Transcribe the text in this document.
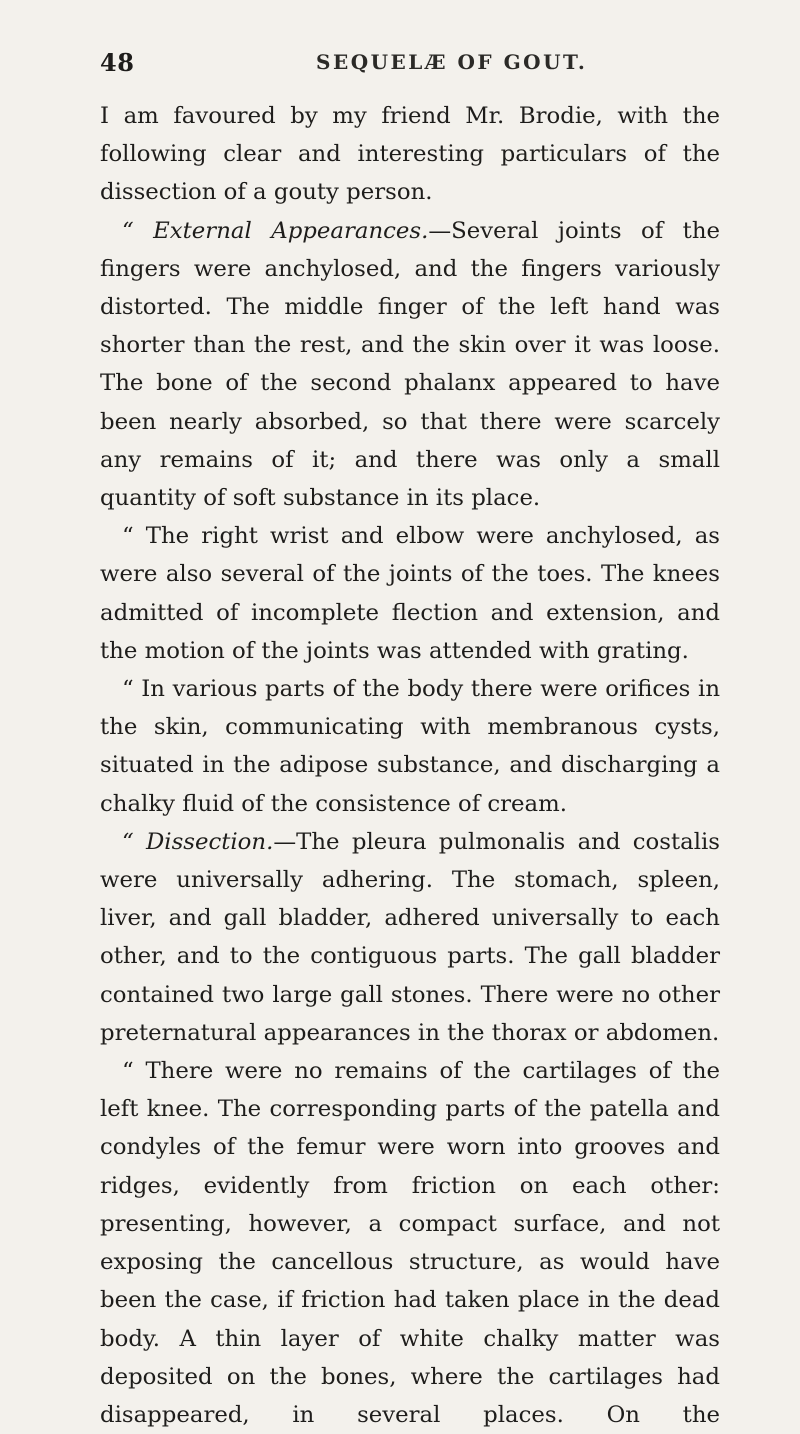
48	SEQUELÆ OF GOUT.

I am favoured by my friend Mr. Brodie, with the following clear and interesting particulars of the dissection of a gouty person.

“ External Appearances.—Several joints of the fingers were anchylosed, and the fingers variously distorted. The middle finger of the left hand was shorter than the rest, and the skin over it was loose. The bone of the second phalanx appeared to have been nearly absorbed, so that there were scarcely any remains of it; and there was only a small quantity of soft substance in its place.

“ The right wrist and elbow were anchylosed, as were also several of the joints of the toes. The knees admitted of incomplete flection and extension, and the motion of the joints was attended with grating.

“ In various parts of the body there were orifices in the skin, communicating with membranous cysts, situated in the adipose substance, and discharging a chalky fluid of the consistence of cream.

“ Dissection.—The pleura pulmonalis and costalis were universally adhering. The stomach, spleen, liver, and gall bladder, adhered universally to each other, and to the contiguous parts. The gall bladder contained two large gall stones. There were no other preternatural appearances in the thorax or abdomen.

“ There were no remains of the cartilages of the left knee. The corresponding parts of the patella and condyles of the femur were worn into grooves and ridges, evidently from friction on each other: presenting, however, a compact surface, and not exposing the cancellous structure, as would have been the case, if friction had taken place in the dead body. A thin layer of white chalky matter was deposited on the bones, where the cartilages had disappeared, in several places. On the
